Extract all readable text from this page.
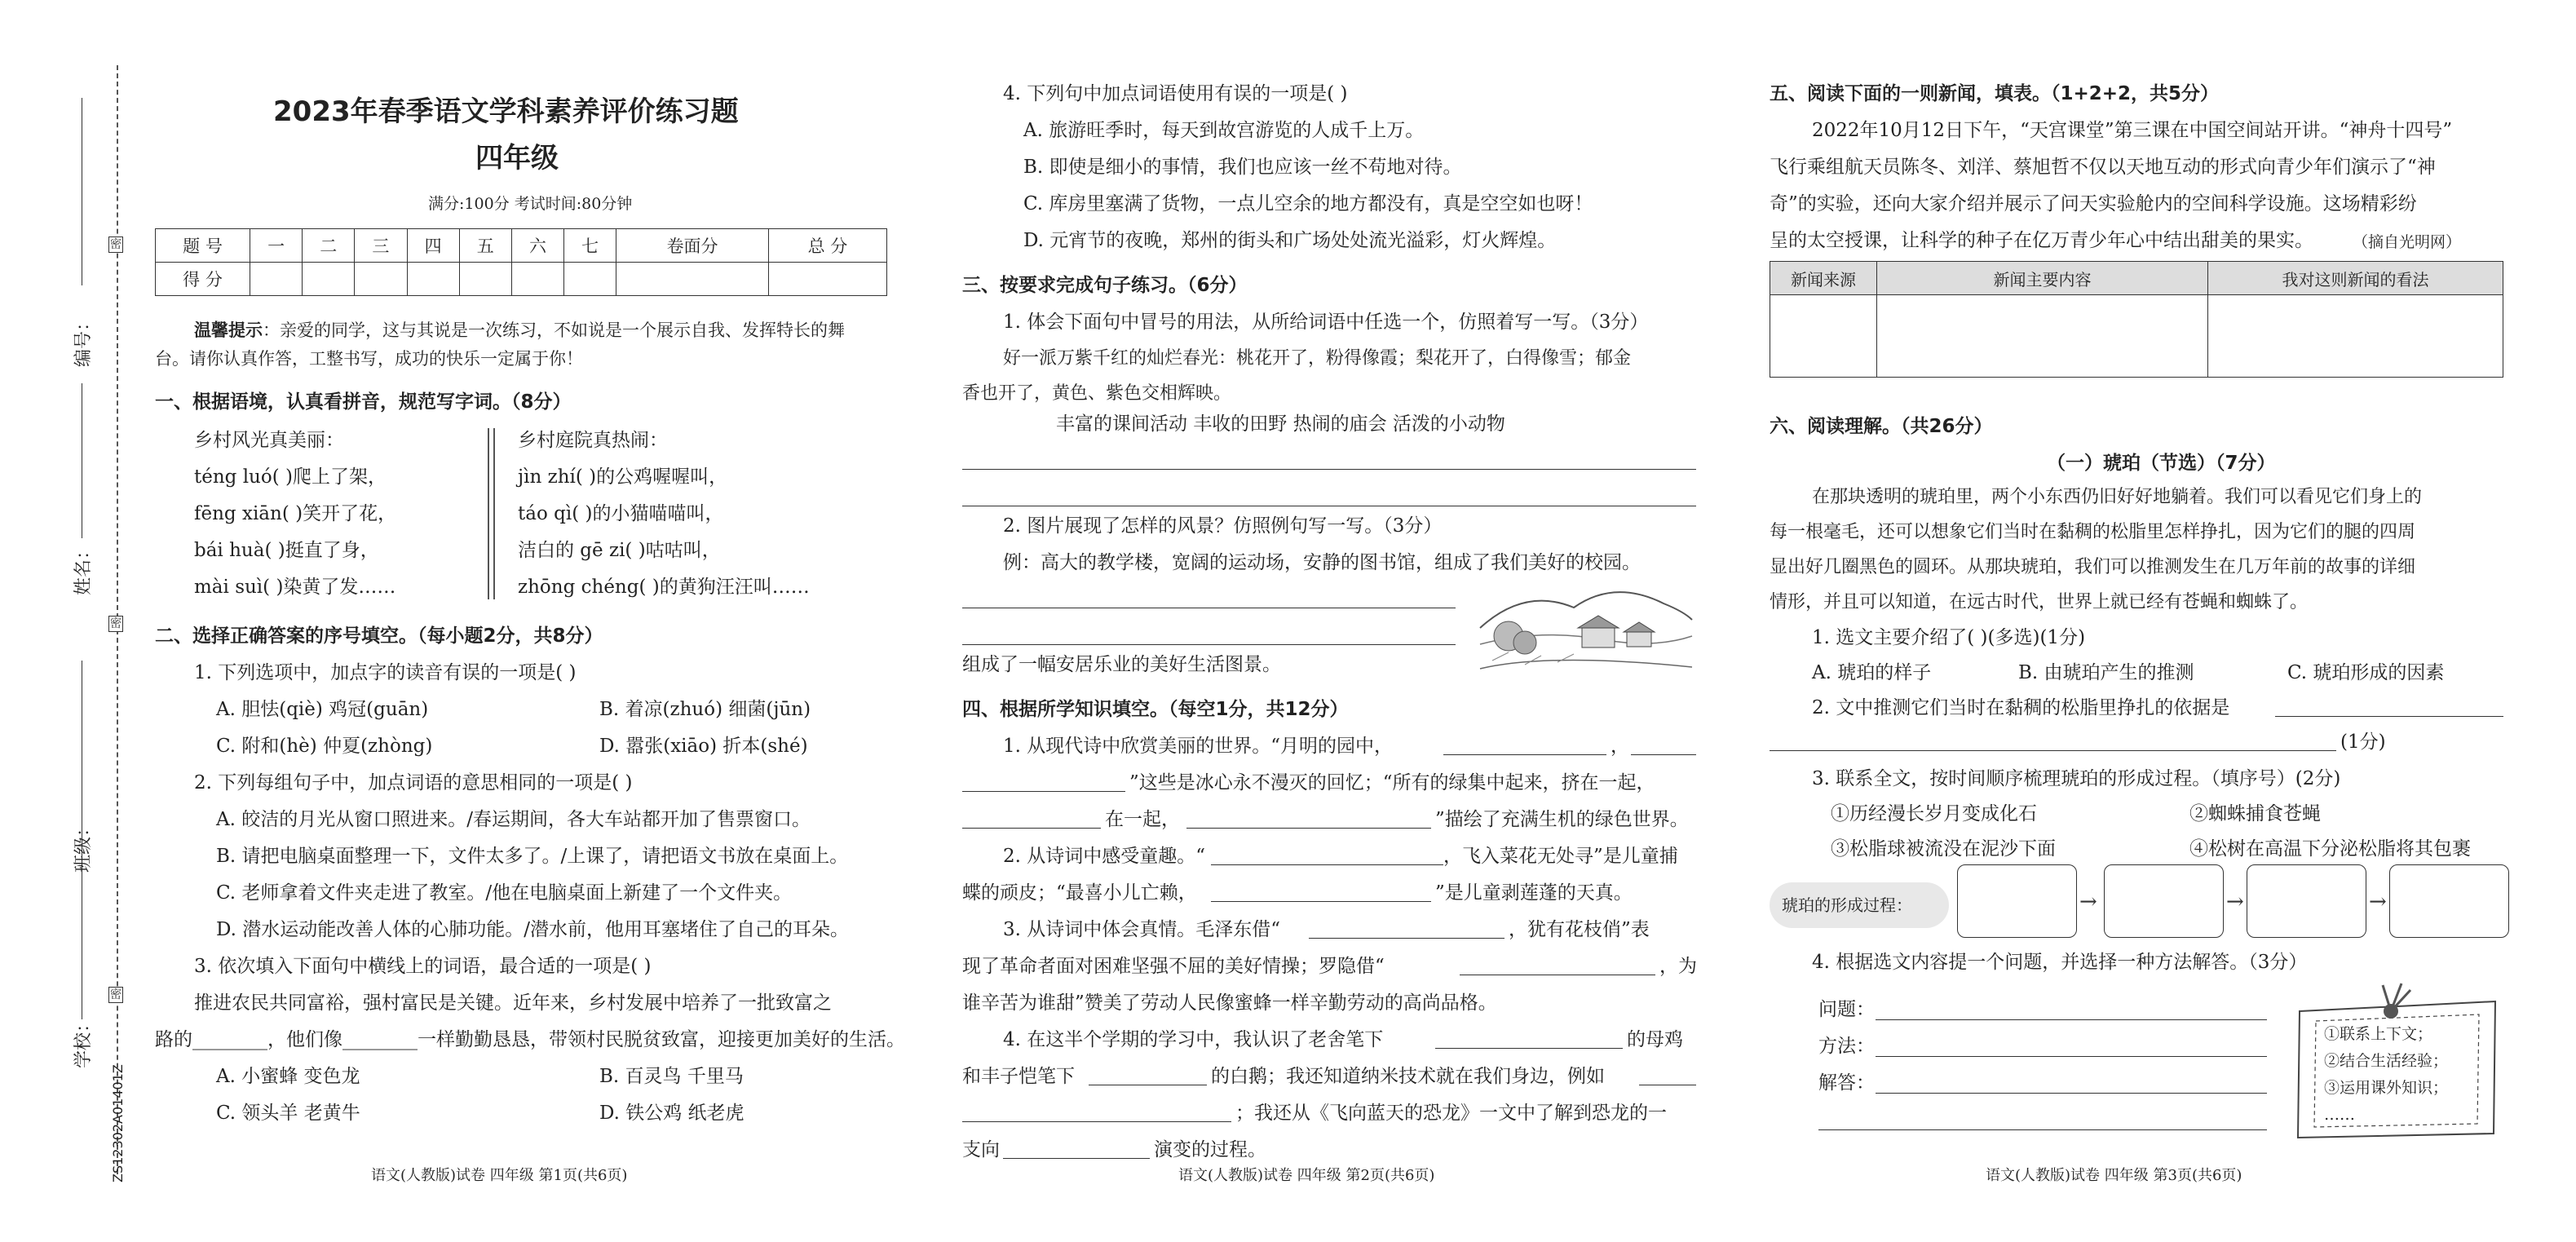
学校：
班级：
姓名：
编号：
ZS12302A01401Z
密
密
密
2023年春季语文学科素养评价练习题
四年级
满分:100分 考试时间:80分钟
题 号	一	二	三	四	五	六	七	卷面分	总 分
得 分									
温馨提示：亲爱的同学，这与其说是一次练习，不如说是一个展示自我、发挥特长的舞
台。请你认真作答，工整书写，成功的快乐一定属于你！
一、根据语境，认真看拼音，规范写字词。（8分）
乡村风光真美丽：
téng luó( )爬上了架，
fēng xiān( )笑开了花，
bái huà( )挺直了身，
mài suì( )染黄了发……
乡村庭院真热闹：
jìn zhí( )的公鸡喔喔叫，
táo qì( )的小猫喵喵叫，
洁白的 gē zi( )咕咕叫，
zhōng chéng( )的黄狗汪汪叫……
二、选择正确答案的序号填空。（每小题2分，共8分）
1. 下列选项中，加点字的读音有误的一项是( )
A. 胆怯(qiè) 鸡冠(guān)	B. 着凉(zhuó) 细菌(jūn)
C. 附和(hè) 仲夏(zhòng)	D. 嚣张(xiāo) 折本(shé)
2. 下列每组句子中，加点词语的意思相同的一项是( )
A. 皎洁的月光从窗口照进来。/春运期间，各大车站都开加了售票窗口。
B. 请把电脑桌面整理一下，文件太多了。/上课了，请把语文书放在桌面上。
C. 老师拿着文件夹走进了教室。/他在电脑桌面上新建了一个文件夹。
D. 潜水运动能改善人体的心肺功能。/潜水前，他用耳塞堵住了自己的耳朵。
3. 依次填入下面句中横线上的词语，最合适的一项是( )
推进农民共同富裕，强村富民是关键。近年来，乡村发展中培养了一批致富之
路的________，他们像________一样勤勤恳恳，带领村民脱贫致富，迎接更加美好的生活。
A. 小蜜蜂 变色龙	B. 百灵鸟 千里马
C. 领头羊 老黄牛	D. 铁公鸡 纸老虎
语文(人教版)试卷 四年级 第1页(共6页)
4. 下列句中加点词语使用有误的一项是( )
A. 旅游旺季时，每天到故宫游览的人成千上万。
B. 即使是细小的事情，我们也应该一丝不苟地对待。
C. 库房里塞满了货物，一点儿空余的地方都没有，真是空空如也呀！
D. 元宵节的夜晚，郑州的街头和广场处处流光溢彩，灯火辉煌。
三、按要求完成句子练习。（6分）
1. 体会下面句中冒号的用法，从所给词语中任选一个，仿照着写一写。（3分）
好一派万紫千红的灿烂春光：桃花开了，粉得像霞；梨花开了，白得像雪；郁金
香也开了，黄色、紫色交相辉映。
丰富的课间活动 丰收的田野 热闹的庙会 活泼的小动物
2. 图片展现了怎样的风景？仿照例句写一写。（3分）
例：高大的教学楼，宽阔的运动场，安静的图书馆，组成了我们美好的校园。
组成了一幅安居乐业的美好生活图景。
四、根据所学知识填空。（每空1分，共12分）
1. 从现代诗中欣赏美丽的世界。“月明的园中，	，
”这些是冰心永不漫灭的回忆；“所有的绿集中起来，挤在一起，
在一起，	”描绘了充满生机的绿色世界。
2. 从诗词中感受童趣。“	，飞入菜花无处寻”是儿童捕
蝶的顽皮；“最喜小儿亡赖，	”是儿童剥莲蓬的天真。
3. 从诗词中体会真情。毛泽东借“	，犹有花枝俏”表
现了革命者面对困难坚强不屈的美好情操；罗隐借“	，为
谁辛苦为谁甜”赞美了劳动人民像蜜蜂一样辛勤劳动的高尚品格。
4. 在这半个学期的学习中，我认识了老舍笔下	的母鸡
和丰子恺笔下	的白鹅；我还知道纳米技术就在我们身边，例如
；我还从《飞向蓝天的恐龙》一文中了解到恐龙的一
支向	演变的过程。
语文(人教版)试卷 四年级 第2页(共6页)
五、阅读下面的一则新闻，填表。（1+2+2，共5分）
2022年10月12日下午，“天宫课堂”第三课在中国空间站开讲。“神舟十四号”
飞行乘组航天员陈冬、刘洋、蔡旭哲不仅以天地互动的形式向青少年们演示了“神
奇”的实验，还向大家介绍并展示了问天实验舱内的空间科学设施。这场精彩纷
呈的太空授课，让科学的种子在亿万青少年心中结出甜美的果实。	（摘自光明网）
新闻来源	新闻主要内容	我对这则新闻的看法

六、阅读理解。（共26分）
（一）琥珀（节选）（7分）
在那块透明的琥珀里，两个小东西仍旧好好地躺着。我们可以看见它们身上的
每一根毫毛，还可以想象它们当时在黏稠的松脂里怎样挣扎，因为它们的腿的四周
显出好几圈黑色的圆环。从那块琥珀，我们可以推测发生在几万年前的故事的详细
情形，并且可以知道，在远古时代，世界上就已经有苍蝇和蜘蛛了。
1. 选文主要介绍了( )(多选)(1分)
A. 琥珀的样子	B. 由琥珀产生的推测	C. 琥珀形成的因素
2. 文中推测它们当时在黏稠的松脂里挣扎的依据是
(1分)
3. 联系全文，按时间顺序梳理琥珀的形成过程。（填序号）(2分)
①历经漫长岁月变成化石	②蜘蛛捕食苍蝇
③松脂球被流没在泥沙下面	④松树在高温下分泌松脂将其包裹
琥珀的形成过程：	→	→	→
4. 根据选文内容提一个问题，并选择一种方法解答。（3分）
问题：
方法：
解答：
①联系上下文；
②结合生活经验；
③运用课外知识；
……
语文(人教版)试卷 四年级 第3页(共6页)
